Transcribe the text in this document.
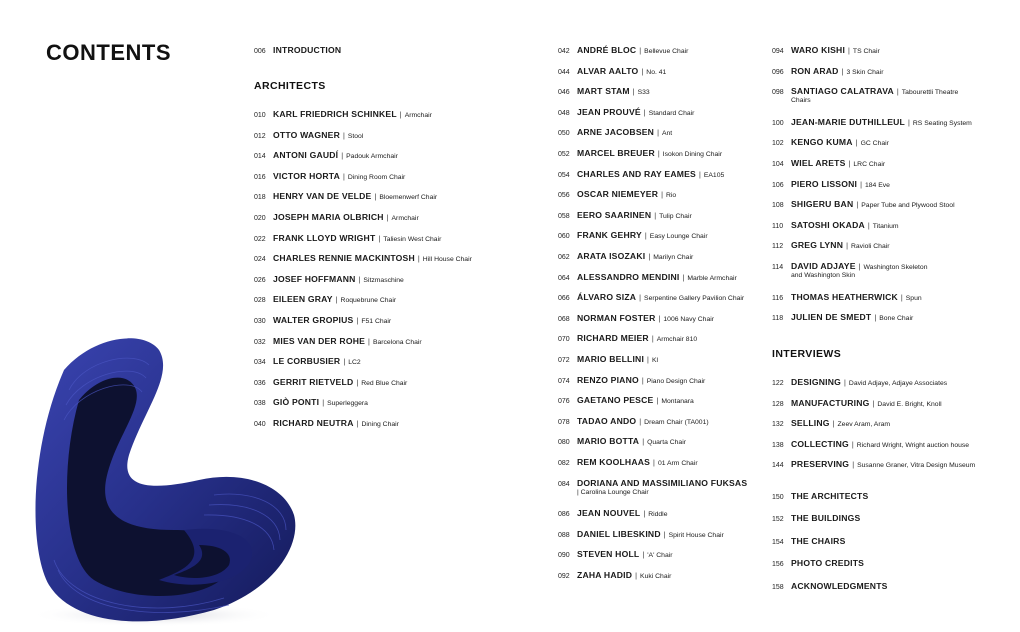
CONTENTS	006 INTRODUCTION
ARCHITECTS
010 KARL FRIEDRICH SCHINKEL | Armchair
012 OTTO WAGNER | Stool
014 ANTONI GAUDÍ | Padouk Armchair
016 VICTOR HORTA | Dining Room Chair
018 HENRY VAN DE VELDE | Bloemenwerf Chair
020 JOSEPH MARIA OLBRICH | Armchair
022 FRANK LLOYD WRIGHT | Taliesin West Chair
024 CHARLES RENNIE MACKINTOSH | Hill House Chair
026 JOSEF HOFFMANN | Sitzmaschine
028 EILEEN GRAY | Roquebrune Chair
030 WALTER GROPIUS | F51 Chair
032 MIES VAN DER ROHE | Barcelona Chair
034 LE CORBUSIER | LC2
036 GERRIT RIETVELD | Red Blue Chair
038 GIÒ PONTI | Superleggera
040 RICHARD NEUTRA | Dining Chair
042 ANDRÉ BLOC | Bellevue Chair
044 ALVAR AALTO | No. 41
046 MART STAM | S33
048 JEAN PROUVÉ | Standard Chair
050 ARNE JACOBSEN | Ant
052 MARCEL BREUER | Isokon Dining Chair
054 CHARLES AND RAY EAMES | EA105
056 OSCAR NIEMEYER | Rio
058 EERO SAARINEN | Tulip Chair
060 FRANK GEHRY | Easy Lounge Chair
062 ARATA ISOZAKI | Marilyn Chair
064 ALESSANDRO MENDINI | Marble Armchair
066 ÁLVARO SIZA | Serpentine Gallery Pavilion Chair
068 NORMAN FOSTER | 1006 Navy Chair
070 RICHARD MEIER | Armchair 810
072 MARIO BELLINI | Kl
074 RENZO PIANO | Piano Design Chair
076 GAETANO PESCE | Montanara
078 TADAO ANDO | Dream Chair (TA001)
080 MARIO BOTTA | Quarta Chair
082 REM KOOLHAAS | 01 Arm Chair
084 DORIANA AND MASSIMILIANO FUKSAS
| Carolina Lounge Chair
086 JEAN NOUVEL | Riddle
088 DANIEL LIBESKIND | Spirit House Chair
090 STEVEN HOLL | 'A' Chair
092 ZAHA HADID | Kuki Chair
094 WARO KISHI | TS Chair
096 RON ARAD | 3 Skin Chair
098 SANTIAGO CALATRAVA | Tabourettli Theatre
Chairs
100 JEAN-MARIE DUTHILLEUL | RS Seating System
102 KENGO KUMA | GC Chair
104 WIEL ARETS | LRC Chair
106 PIERO LISSONI | 184 Eve
108 SHIGERU BAN | Paper Tube and Plywood Stool
110 SATOSHI OKADA | Titanium
112 GREG LYNN | Ravioli Chair
114 DAVID ADJAYE | Washington Skeleton
and Washington Skin
116 THOMAS HEATHERWICK | Spun
118 JULIEN DE SMEDT | Bone Chair
INTERVIEWS
122 DESIGNING | David Adjaye, Adjaye Associates
128 MANUFACTURING | David E. Bright, Knoll
132 SELLING | Zeev Aram, Aram
138 COLLECTING | Richard Wright, Wright auction house
144 PRESERVING | Susanne Graner, Vitra Design Museum
150 THE ARCHITECTS
152 THE BUILDINGS
154 THE CHAIRS
156 PHOTO CREDITS
158 ACKNOWLEDGMENTS
